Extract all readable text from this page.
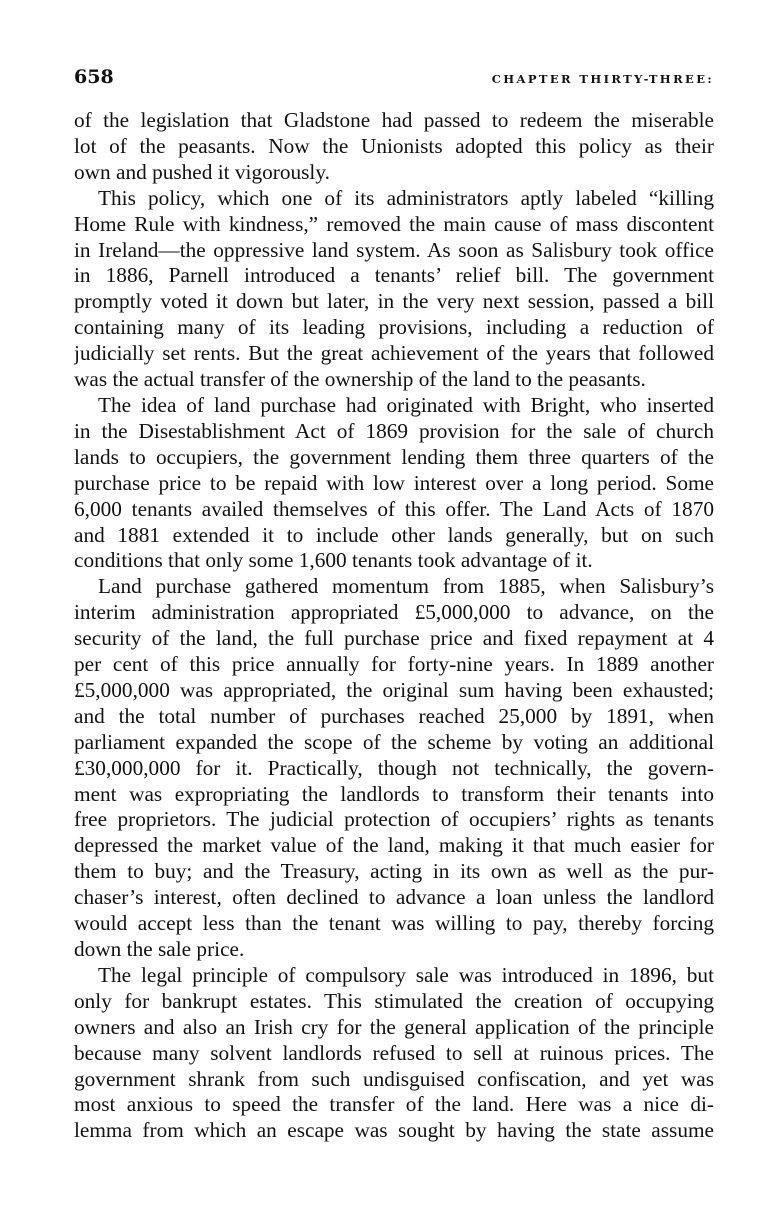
658	CHAPTER THIRTY-THREE:
of the legislation that Gladstone had passed to redeem the miserable
lot of the peasants. Now the Unionists adopted this policy as their
own and pushed it vigorously.
This policy, which one of its administrators aptly labeled “killing
Home Rule with kindness,” removed the main cause of mass discontent
in Ireland—the oppressive land system. As soon as Salisbury took office
in 1886, Parnell introduced a tenants’ relief bill. The government
promptly voted it down but later, in the very next session, passed a bill
containing many of its leading provisions, including a reduction of
judicially set rents. But the great achievement of the years that followed
was the actual transfer of the ownership of the land to the peasants.
The idea of land purchase had originated with Bright, who inserted
in the Disestablishment Act of 1869 provision for the sale of church
lands to occupiers, the government lending them three quarters of the
purchase price to be repaid with low interest over a long period. Some
6,000 tenants availed themselves of this offer. The Land Acts of 1870
and 1881 extended it to include other lands generally, but on such
conditions that only some 1,600 tenants took advantage of it.
Land purchase gathered momentum from 1885, when Salisbury’s
interim administration appropriated £5,000,000 to advance, on the
security of the land, the full purchase price and fixed repayment at 4
per cent of this price annually for forty-nine years. In 1889 another
£5,000,000 was appropriated, the original sum having been exhausted;
and the total number of purchases reached 25,000 by 1891, when
parliament expanded the scope of the scheme by voting an additional
£30,000,000 for it. Practically, though not technically, the govern-
ment was expropriating the landlords to transform their tenants into
free proprietors. The judicial protection of occupiers’ rights as tenants
depressed the market value of the land, making it that much easier for
them to buy; and the Treasury, acting in its own as well as the pur-
chaser’s interest, often declined to advance a loan unless the landlord
would accept less than the tenant was willing to pay, thereby forcing
down the sale price.
The legal principle of compulsory sale was introduced in 1896, but
only for bankrupt estates. This stimulated the creation of occupying
owners and also an Irish cry for the general application of the principle
because many solvent landlords refused to sell at ruinous prices. The
government shrank from such undisguised confiscation, and yet was
most anxious to speed the transfer of the land. Here was a nice di-
lemma from which an escape was sought by having the state assume
